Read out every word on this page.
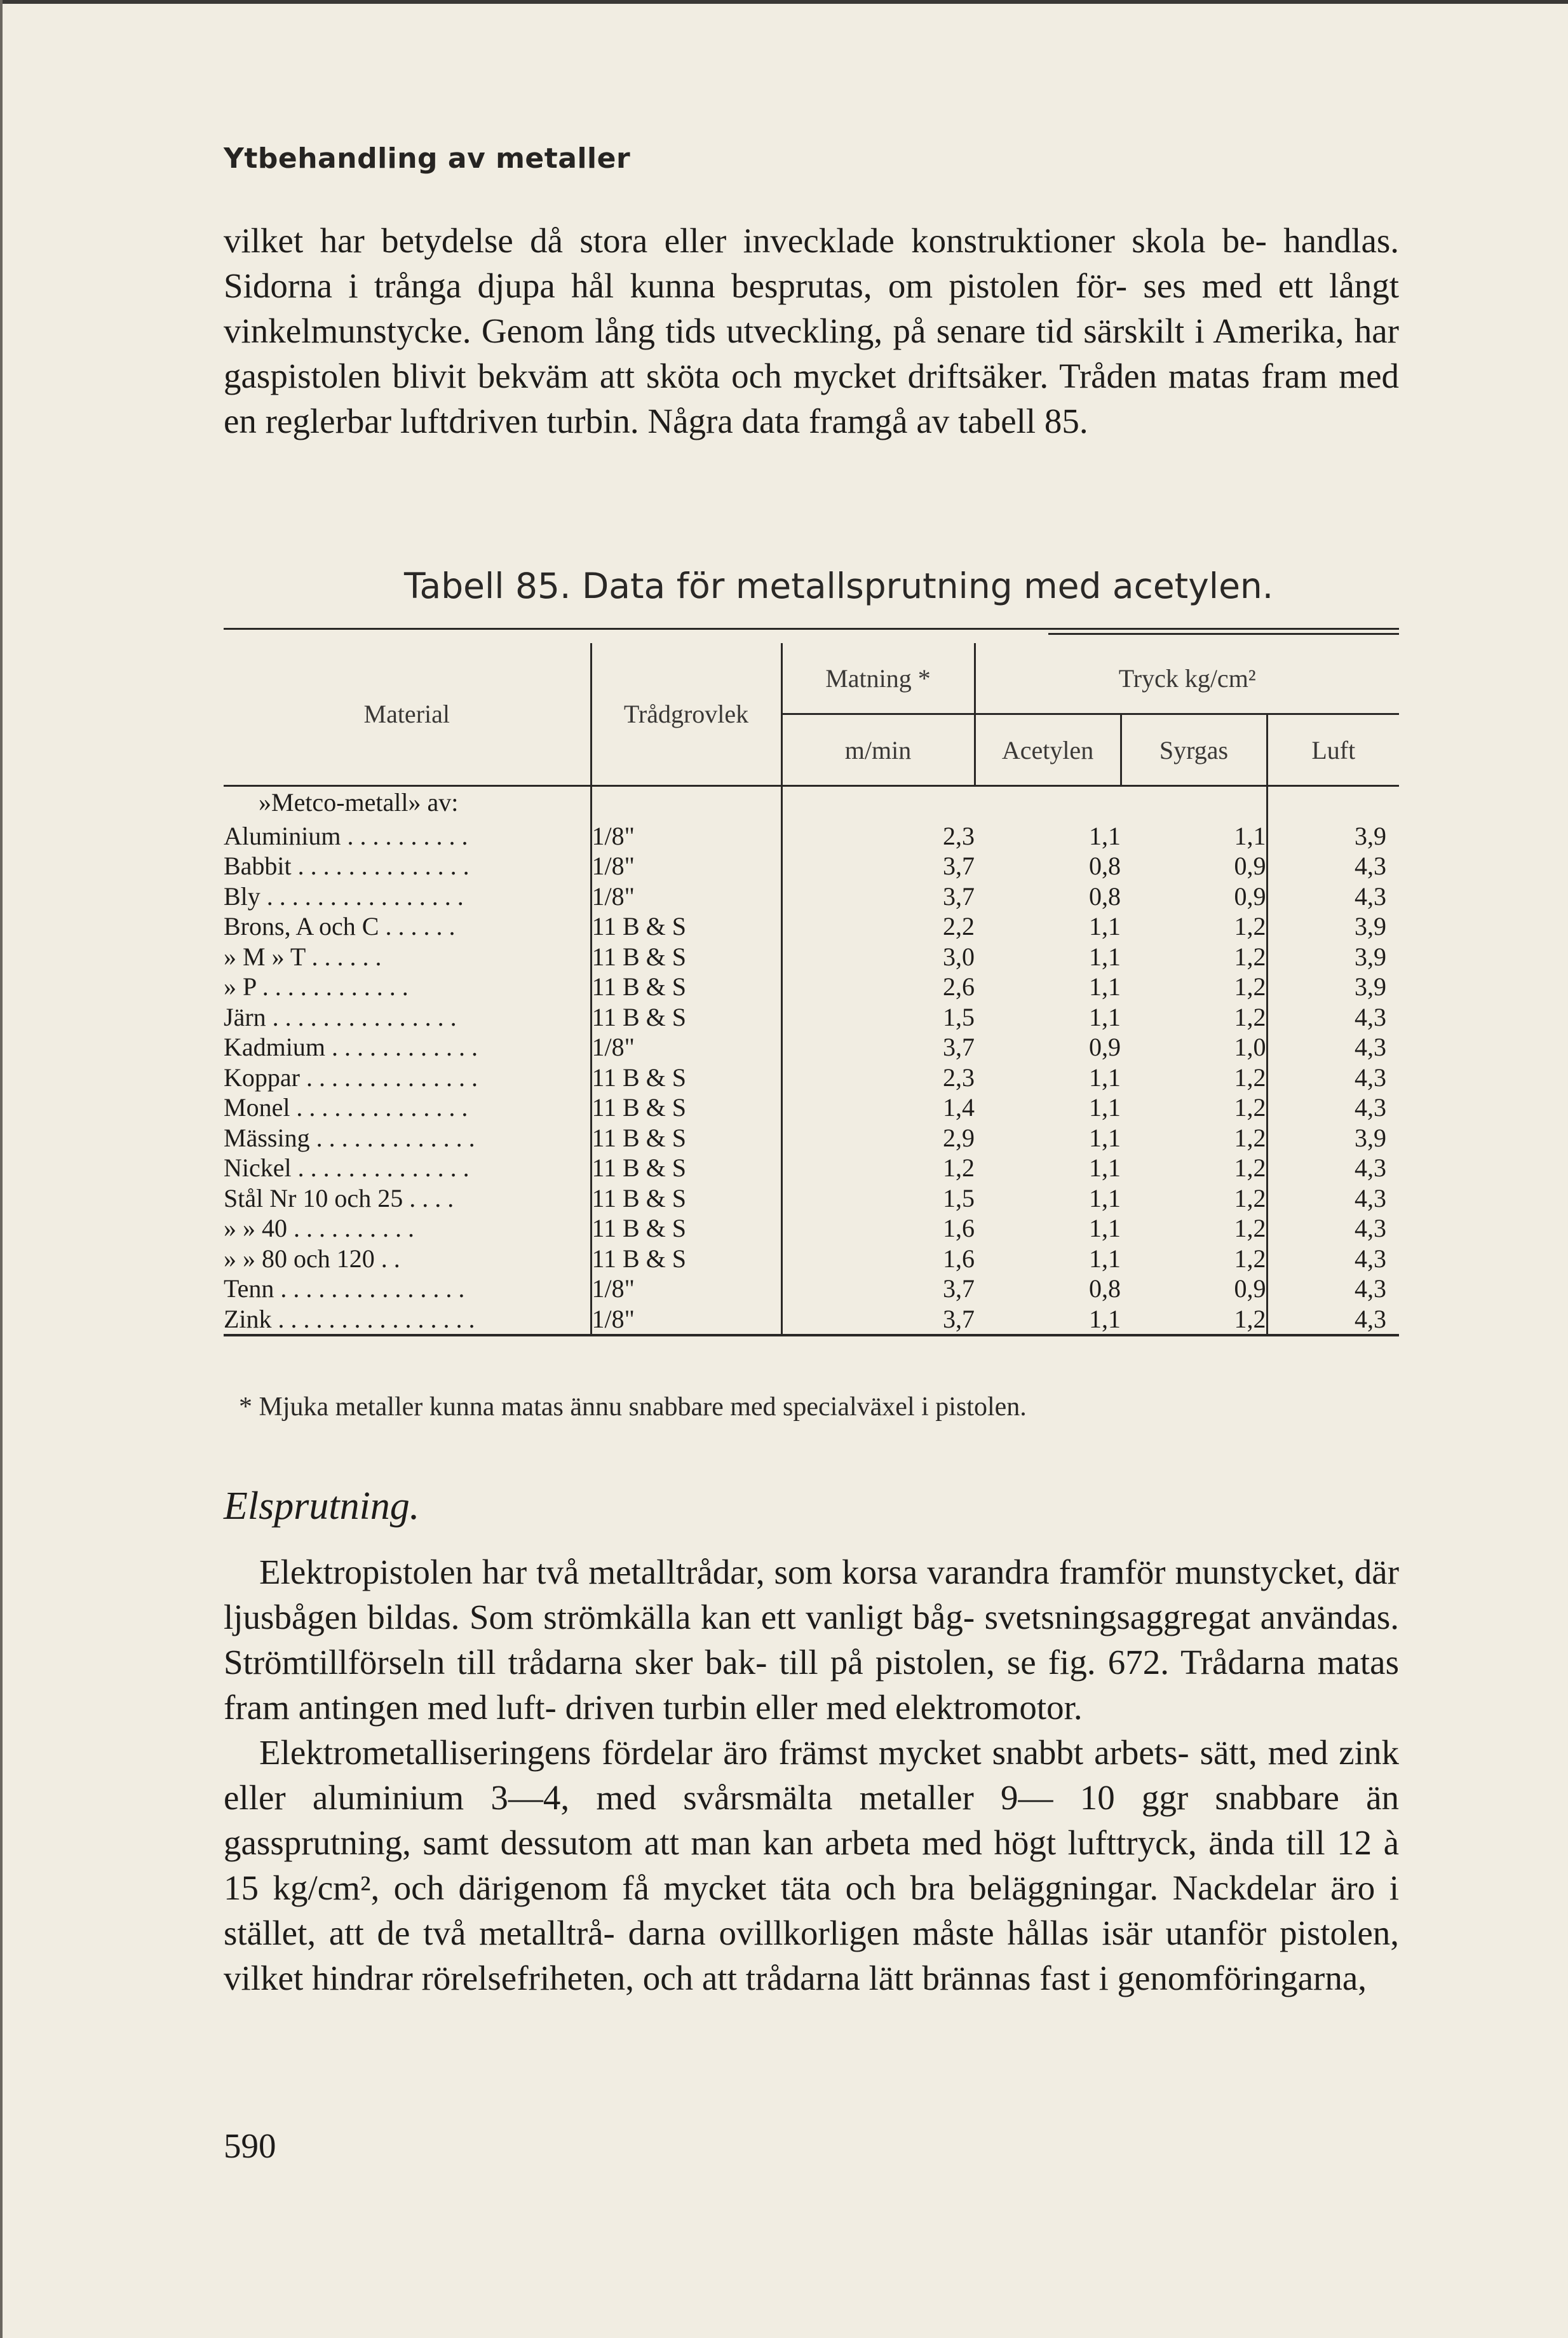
Ytbehandling av metaller

vilket har betydelse då stora eller invecklade konstruktioner skola be- handlas. Sidorna i trånga djupa hål kunna besprutas, om pistolen för- ses med ett långt vinkelmunstycke. Genom lång tids utveckling, på senare tid särskilt i Amerika, har gaspistolen blivit bekväm att sköta och mycket driftsäker. Tråden matas fram med en reglerbar luftdriven turbin. Några data framgå av tabell 85.

Tabell 85. Data för metallsprutning med acetylen.
Material	Trådgrovlek	Matning *	Tryck kg/cm²		
		m/min	Acetylen	Syrgas	Luft
»Metco-metall» av:					
Aluminium . . . . . . . . . .	1/8"	2,3	1,1	1,1	3,9
Babbit . . . . . . . . . . . . . .	1/8"	3,7	0,8	0,9	4,3
Bly . . . . . . . . . . . . . . . .	1/8"	3,7	0,8	0,9	4,3
Brons, A och C . . . . . .	11 B & S	2,2	1,1	1,2	3,9
» M » T . . . . . .	11 B & S	3,0	1,1	1,2	3,9
» P . . . . . . . . . . . .	11 B & S	2,6	1,1	1,2	3,9
Järn . . . . . . . . . . . . . . .	11 B & S	1,5	1,1	1,2	4,3
Kadmium . . . . . . . . . . . .	1/8"	3,7	0,9	1,0	4,3
Koppar . . . . . . . . . . . . . .	11 B & S	2,3	1,1	1,2	4,3
Monel . . . . . . . . . . . . . .	11 B & S	1,4	1,1	1,2	4,3
Mässing . . . . . . . . . . . . .	11 B & S	2,9	1,1	1,2	3,9
Nickel . . . . . . . . . . . . . .	11 B & S	1,2	1,1	1,2	4,3
Stål Nr 10 och 25 . . . .	11 B & S	1,5	1,1	1,2	4,3
» » 40 . . . . . . . . . .	11 B & S	1,6	1,1	1,2	4,3
» » 80 och 120 . .	11 B & S	1,6	1,1	1,2	4,3
Tenn . . . . . . . . . . . . . . .	1/8"	3,7	0,8	0,9	4,3
Zink . . . . . . . . . . . . . . . .	1/8"	3,7	1,1	1,2	4,3
* Mjuka metaller kunna matas ännu snabbare med specialväxel i pistolen.
Elsprutning.

Elektropistolen har två metalltrådar, som korsa varandra framför munstycket, där ljusbågen bildas. Som strömkälla kan ett vanligt båg- svetsningsaggregat användas. Strömtillförseln till trådarna sker bak- till på pistolen, se fig. 672. Trådarna matas fram antingen med luft- driven turbin eller med elektromotor.

Elektrometalliseringens fördelar äro främst mycket snabbt arbets- sätt, med zink eller aluminium 3—4, med svårsmälta metaller 9— 10 ggr snabbare än gassprutning, samt dessutom att man kan arbeta med högt lufttryck, ända till 12 à 15 kg/cm², och därigenom få mycket täta och bra beläggningar. Nackdelar äro i stället, att de två metalltrå- darna ovillkorligen måste hållas isär utanför pistolen, vilket hindrar rörelsefriheten, och att trådarna lätt brännas fast i genomföringarna,

590
